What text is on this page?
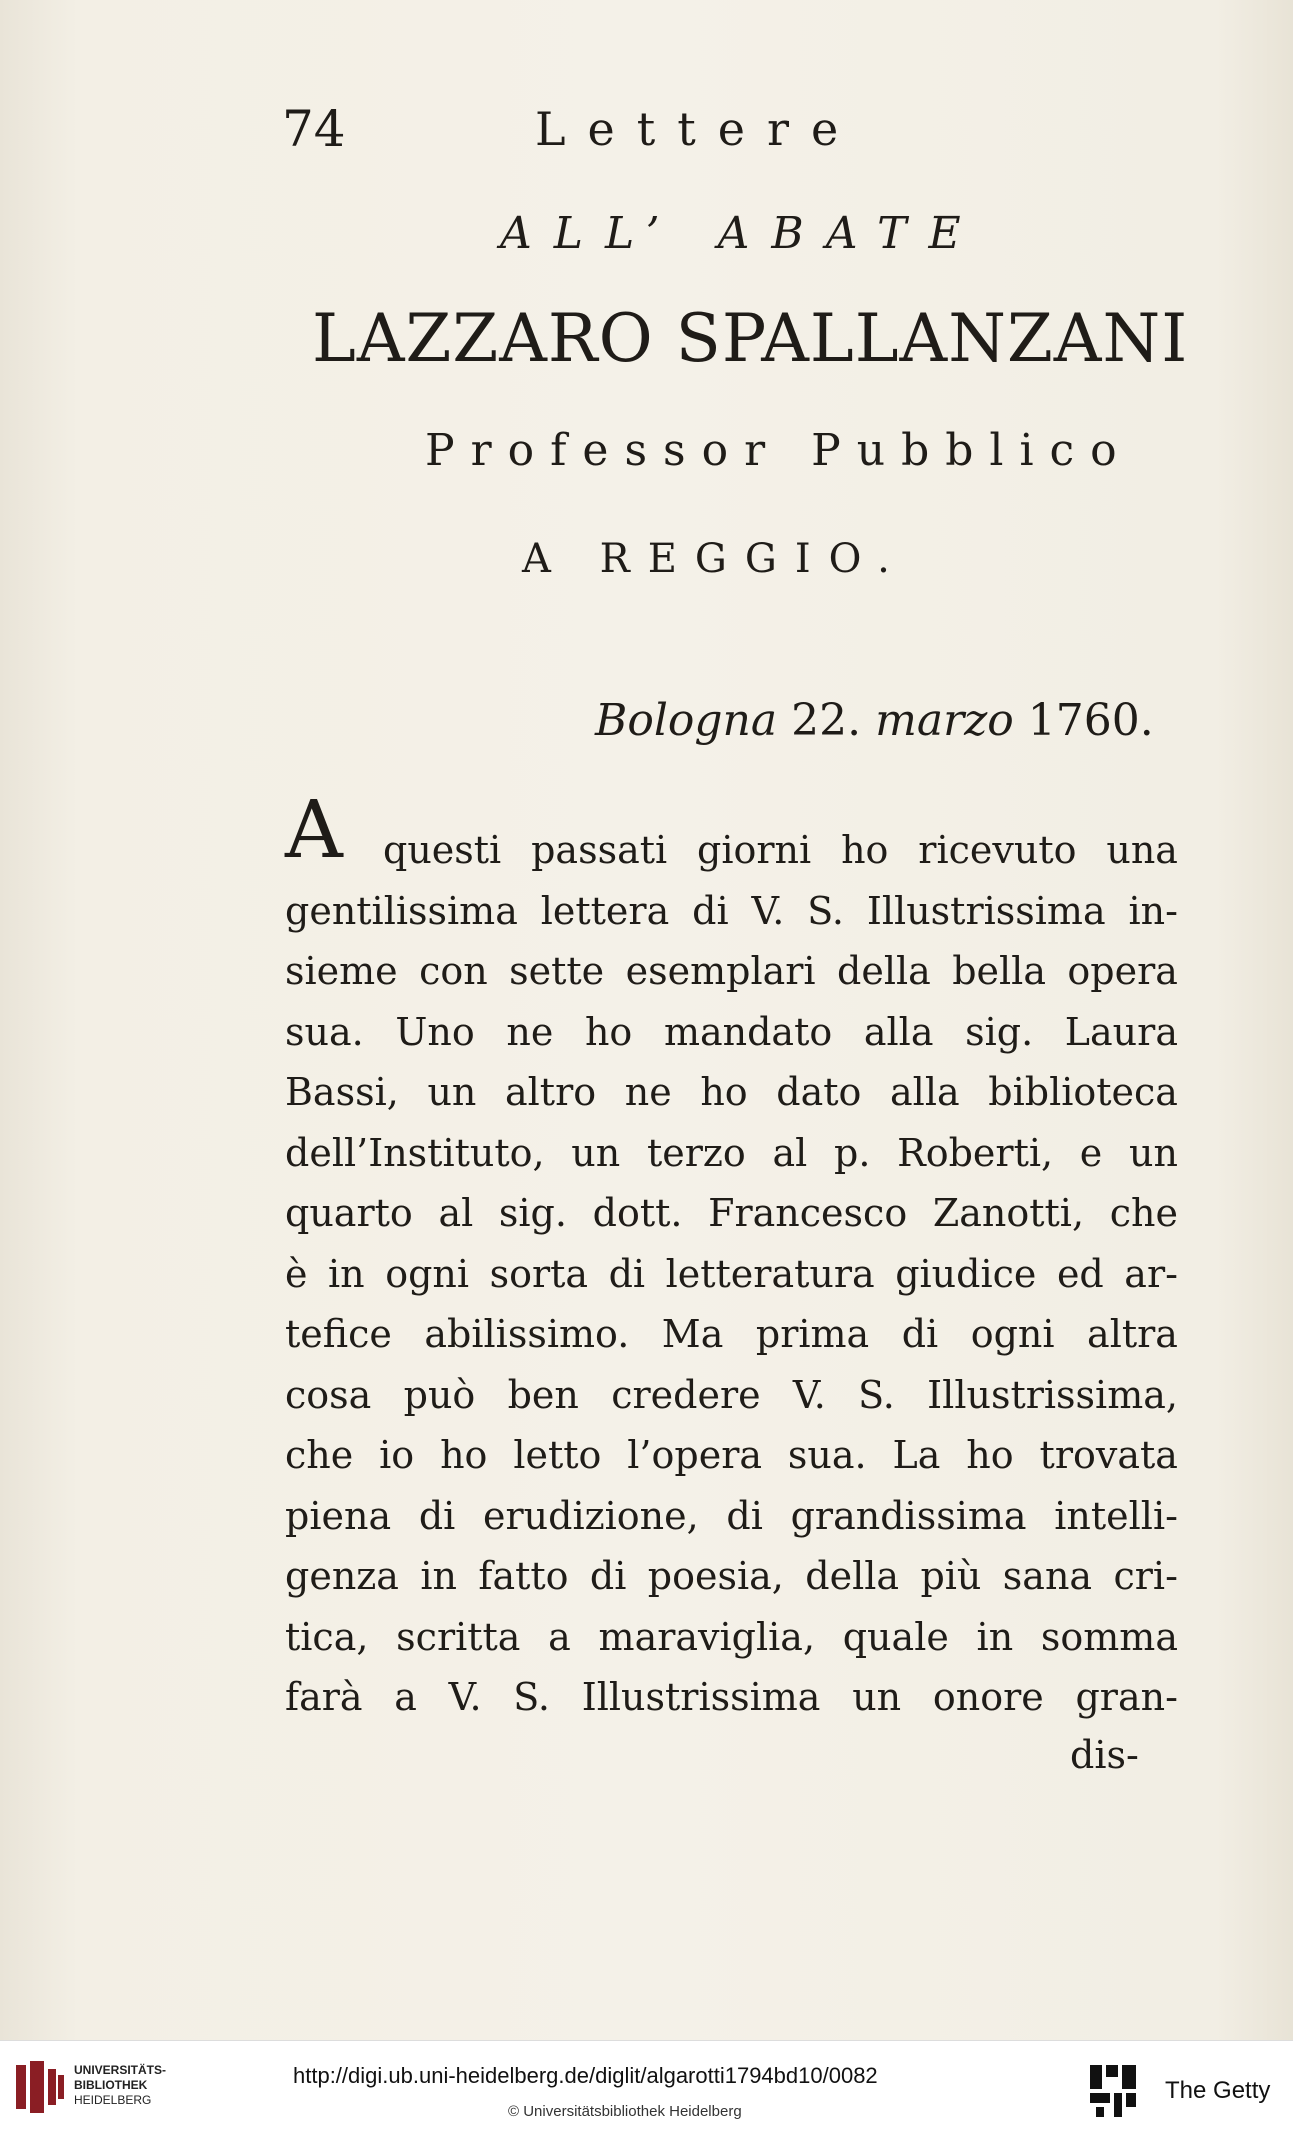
74	Lettere
ALL’ ABATE
LAZZARO SPALLANZANI
Professor Pubblico
A REGGIO.
Bologna 22. marzo 1760.
A questi passati giorni ho ricevuto una
gentilissima lettera di V. S. Illustrissima in-
sieme con sette esemplari della bella opera
sua. Uno ne ho mandato alla sig. Laura
Bassi, un altro ne ho dato alla biblioteca
dell’Instituto, un terzo al p. Roberti, e un
quarto al sig. dott. Francesco Zanotti, che
è in ogni sorta di letteratura giudice ed ar-
tefice abilissimo. Ma prima di ogni altra
cosa può ben credere V. S. Illustrissima,
che io ho letto l’opera sua. La ho trovata
piena di erudizione, di grandissima intelli-
genza in fatto di poesia, della più sana cri-
tica, scritta a maraviglia, quale in somma
farà a V. S. Illustrissima un onore gran-
dis-
UNIVERSITÄTS-
BIBLIOTHEK
HEIDELBERG
http://digi.ub.uni-heidelberg.de/diglit/algarotti1794bd10/0082
© Universitätsbibliothek Heidelberg
The Getty
